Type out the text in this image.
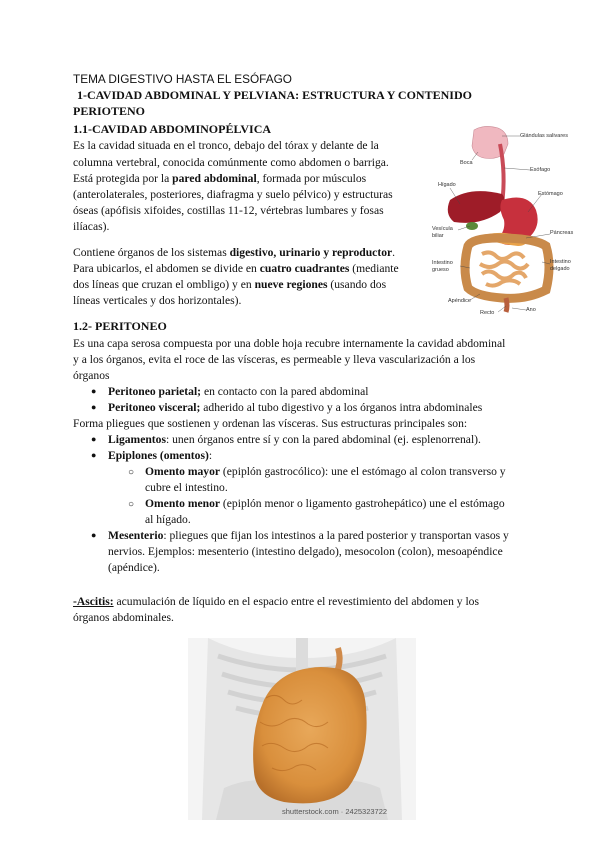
TEMA DIGESTIVO HASTA EL ESÓFAGO
1-CAVIDAD ABDOMINAL Y PELVIANA: ESTRUCTURA Y CONTENIDO
PERIOTENO
1.1-CAVIDAD ABDOMINOPÉLVICA
Es la cavidad situada en el tronco, debajo del tórax y delante de la
columna vertebral, conocida comúnmente como abdomen o barriga.
Está protegida por la pared abdominal, formada por músculos
(anterolaterales, posteriores, diafragma y suelo pélvico) y estructuras
óseas (apófisis xifoides, costillas 11-12, vértebras lumbares y fosas
ilíacas).
Contiene órganos de los sistemas digestivo, urinario y reproductor.
Para ubicarlos, el abdomen se divide en cuatro cuadrantes (mediante
dos líneas que cruzan el ombligo) y en nueve regiones (usando dos
líneas verticales y dos horizontales).
Glándulas salivares
Boca
Esófago
Hígado
Estómago
Vesícula biliar	Páncreas
Intestino delgado
Intestino grueso
Apéndice
Recto	Ano
1.2- PERITONEO
Es una capa serosa compuesta por una doble hoja recubre internamente la cavidad abdominal
y a los órganos, evita el roce de las vísceras, es permeable y lleva vascularización a los
órganos
● Peritoneo parietal; en contacto con la pared abdominal
● Peritoneo visceral; adherido al tubo digestivo y a los órganos intra abdominales
Forma pliegues que sostienen y ordenan las vísceras. Sus estructuras principales son:
● Ligamentos: unen órganos entre sí y con la pared abdominal (ej. esplenorrenal).
● Epiplones (omentos):
○ Omento mayor (epiplón gastrocólico): une el estómago al colon transverso y
cubre el intestino.
○ Omento menor (epiplón menor o ligamento gastrohepático) une el estómago
al hígado.
● Mesenterio: pliegues que fijan los intestinos a la pared posterior y transportan vasos y
nervios. Ejemplos: mesenterio (intestino delgado), mesocolon (colon), mesoapéndice
(apéndice).
-Ascitis: acumulación de líquido en el espacio entre el revestimiento del abdomen y los
órganos abdominales.
shutterstock.com · 2425323722
